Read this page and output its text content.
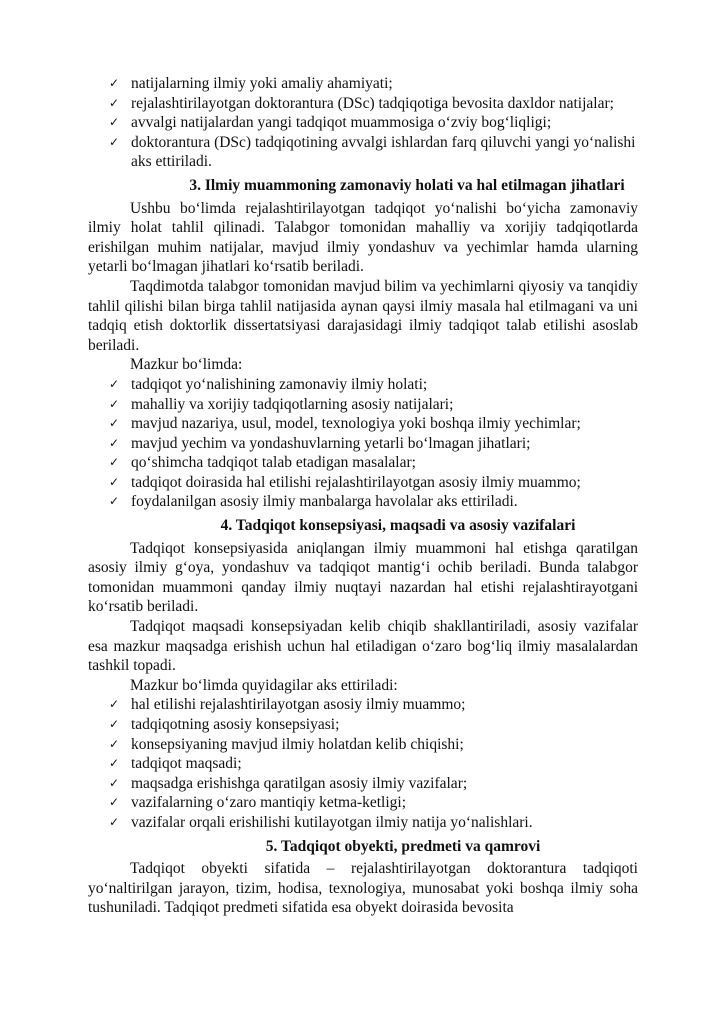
✓ natijalarning ilmiy yoki amaliy ahamiyati;
✓ rejalashtirilayotgan doktorantura (DSc) tadqiqotiga bevosita daxldor natijalar;
✓ avvalgi natijalardan yangi tadqiqot muammosiga oʻzviy bogʻliqligi;
✓ doktorantura (DSc) tadqiqotining avvalgi ishlardan farq qiluvchi yangi yoʻnalishi aks ettiriladi.
3. Ilmiy muammoning zamonaviy holati va hal etilmagan jihatlari

Ushbu boʻlimda rejalashtirilayotgan tadqiqot yoʻnalishi boʻyicha zamonaviy ilmiy holat tahlil qilinadi. Talabgor tomonidan mahalliy va xorijiy tadqiqotlarda erishilgan muhim natijalar, mavjud ilmiy yondashuv va yechimlar hamda ularning yetarli boʻlmagan jihatlari koʻrsatib beriladi.

Taqdimotda talabgor tomonidan mavjud bilim va yechimlarni qiyosiy va tanqidiy tahlil qilishi bilan birga tahlil natijasida aynan qaysi ilmiy masala hal etilmagani va uni tadqiq etish doktorlik dissertatsiyasi darajasidagi ilmiy tadqiqot talab etilishi asoslab beriladi.

Mazkur boʻlimda:
✓ tadqiqot yoʻnalishining zamonaviy ilmiy holati;
✓ mahalliy va xorijiy tadqiqotlarning asosiy natijalari;
✓ mavjud nazariya, usul, model, texnologiya yoki boshqa ilmiy yechimlar;
✓ mavjud yechim va yondashuvlarning yetarli boʻlmagan jihatlari;
✓ qoʻshimcha tadqiqot talab etadigan masalalar;
✓ tadqiqot doirasida hal etilishi rejalashtirilayotgan asosiy ilmiy muammo;
✓ foydalanilgan asosiy ilmiy manbalarga havolalar aks ettiriladi.
4. Tadqiqot konsepsiyasi, maqsadi va asosiy vazifalari

Tadqiqot konsepsiyasida aniqlangan ilmiy muammoni hal etishga qaratilgan asosiy ilmiy gʻoya, yondashuv va tadqiqot mantigʻi ochib beriladi. Bunda talabgor tomonidan muammoni qanday ilmiy nuqtayi nazardan hal etishi rejalashtirayotgani koʻrsatib beriladi.

Tadqiqot maqsadi konsepsiyadan kelib chiqib shakllantiriladi, asosiy vazifalar esa mazkur maqsadga erishish uchun hal etiladigan oʻzaro bogʻliq ilmiy masalalardan tashkil topadi.

Mazkur boʻlimda quyidagilar aks ettiriladi:
✓ hal etilishi rejalashtirilayotgan asosiy ilmiy muammo;
✓ tadqiqotning asosiy konsepsiyasi;
✓ konsepsiyaning mavjud ilmiy holatdan kelib chiqishi;
✓ tadqiqot maqsadi;
✓ maqsadga erishishga qaratilgan asosiy ilmiy vazifalar;
✓ vazifalarning oʻzaro mantiqiy ketma-ketligi;
✓ vazifalar orqali erishilishi kutilayotgan ilmiy natija yoʻnalishlari.
5. Tadqiqot obyekti, predmeti va qamrovi

Tadqiqot obyekti sifatida – rejalashtirilayotgan doktorantura tadqiqoti yoʻnaltirilgan jarayon, tizim, hodisa, texnologiya, munosabat yoki boshqa ilmiy soha tushuniladi. Tadqiqot predmeti sifatida esa obyekt doirasida bevosita
